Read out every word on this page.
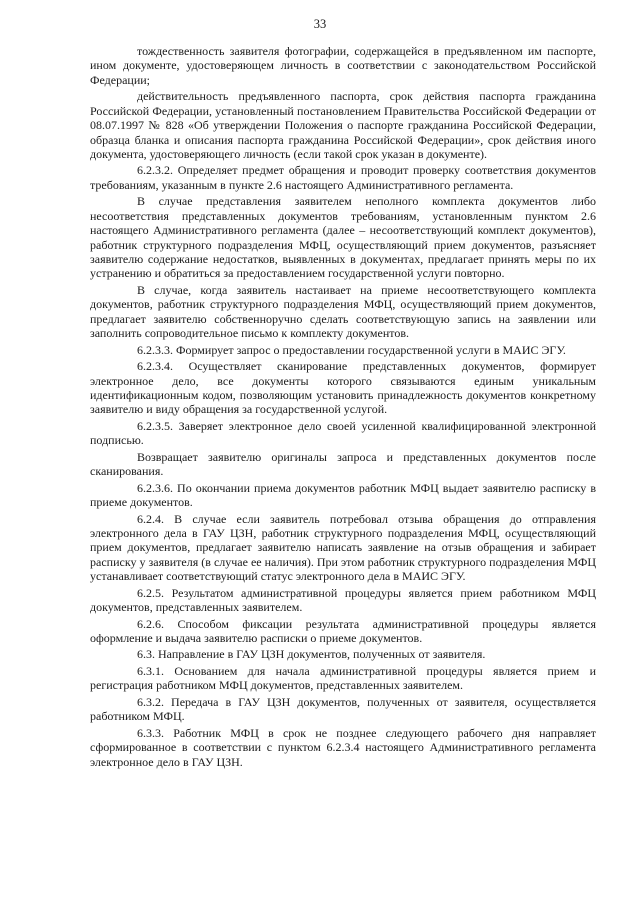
33

тождественность заявителя фотографии, содержащейся в предъявленном им паспорте, ином документе, удостоверяющем личность в соответствии с законодательством Российской Федерации;

действительность предъявленного паспорта, срок действия паспорта гражданина Российской Федерации, установленный постановлением Правительства Российской Федерации от 08.07.1997 № 828 «Об утверждении Положения о паспорте гражданина Российской Федерации, образца бланка и описания паспорта гражданина Российской Федерации», срок действия иного документа, удостоверяющего личность (если такой срок указан в документе).

6.2.3.2. Определяет предмет обращения и проводит проверку соответствия документов требованиям, указанным в пункте 2.6 настоящего Административного регламента.

В случае представления заявителем неполного комплекта документов либо несоответствия представленных документов требованиям, установленным пунктом 2.6 настоящего Административного регламента (далее – несоответствующий комплект документов), работник структурного подразделения МФЦ, осуществляющий прием документов, разъясняет заявителю содержание недостатков, выявленных в документах, предлагает принять меры по их устранению и обратиться за предоставлением государственной услуги повторно.

В случае, когда заявитель настаивает на приеме несоответствующего комплекта документов, работник структурного подразделения МФЦ, осуществляющий прием документов, предлагает заявителю собственноручно сделать соответствующую запись на заявлении или заполнить сопроводительное письмо к комплекту документов.

6.2.3.3. Формирует запрос о предоставлении государственной услуги в МАИС ЭГУ.

6.2.3.4. Осуществляет сканирование представленных документов, формирует электронное дело, все документы которого связываются единым уникальным идентификационным кодом, позволяющим установить принадлежность документов конкретному заявителю и виду обращения за государственной услугой.

6.2.3.5. Заверяет электронное дело своей усиленной квалифицированной электронной подписью.

Возвращает заявителю оригиналы запроса и представленных документов после сканирования.

6.2.3.6. По окончании приема документов работник МФЦ выдает заявителю расписку в приеме документов.

6.2.4. В случае если заявитель потребовал отзыва обращения до отправления электронного дела в ГАУ ЦЗН, работник структурного подразделения МФЦ, осуществляющий прием документов, предлагает заявителю написать заявление на отзыв обращения и забирает расписку у заявителя (в случае ее наличия). При этом работник структурного подразделения МФЦ устанавливает соответствующий статус электронного дела в МАИС ЭГУ.

6.2.5. Результатом административной процедуры является прием работником МФЦ документов, представленных заявителем.

6.2.6. Способом фиксации результата административной процедуры является оформление и выдача заявителю расписки о приеме документов.

6.3. Направление в ГАУ ЦЗН документов, полученных от заявителя.

6.3.1. Основанием для начала административной процедуры является прием и регистрация работником МФЦ документов, представленных заявителем.

6.3.2. Передача в ГАУ ЦЗН документов, полученных от заявителя, осуществляется работником МФЦ.

6.3.3. Работник МФЦ в срок не позднее следующего рабочего дня направляет сформированное в соответствии с пунктом 6.2.3.4 настоящего Административного регламента электронное дело в ГАУ ЦЗН.
